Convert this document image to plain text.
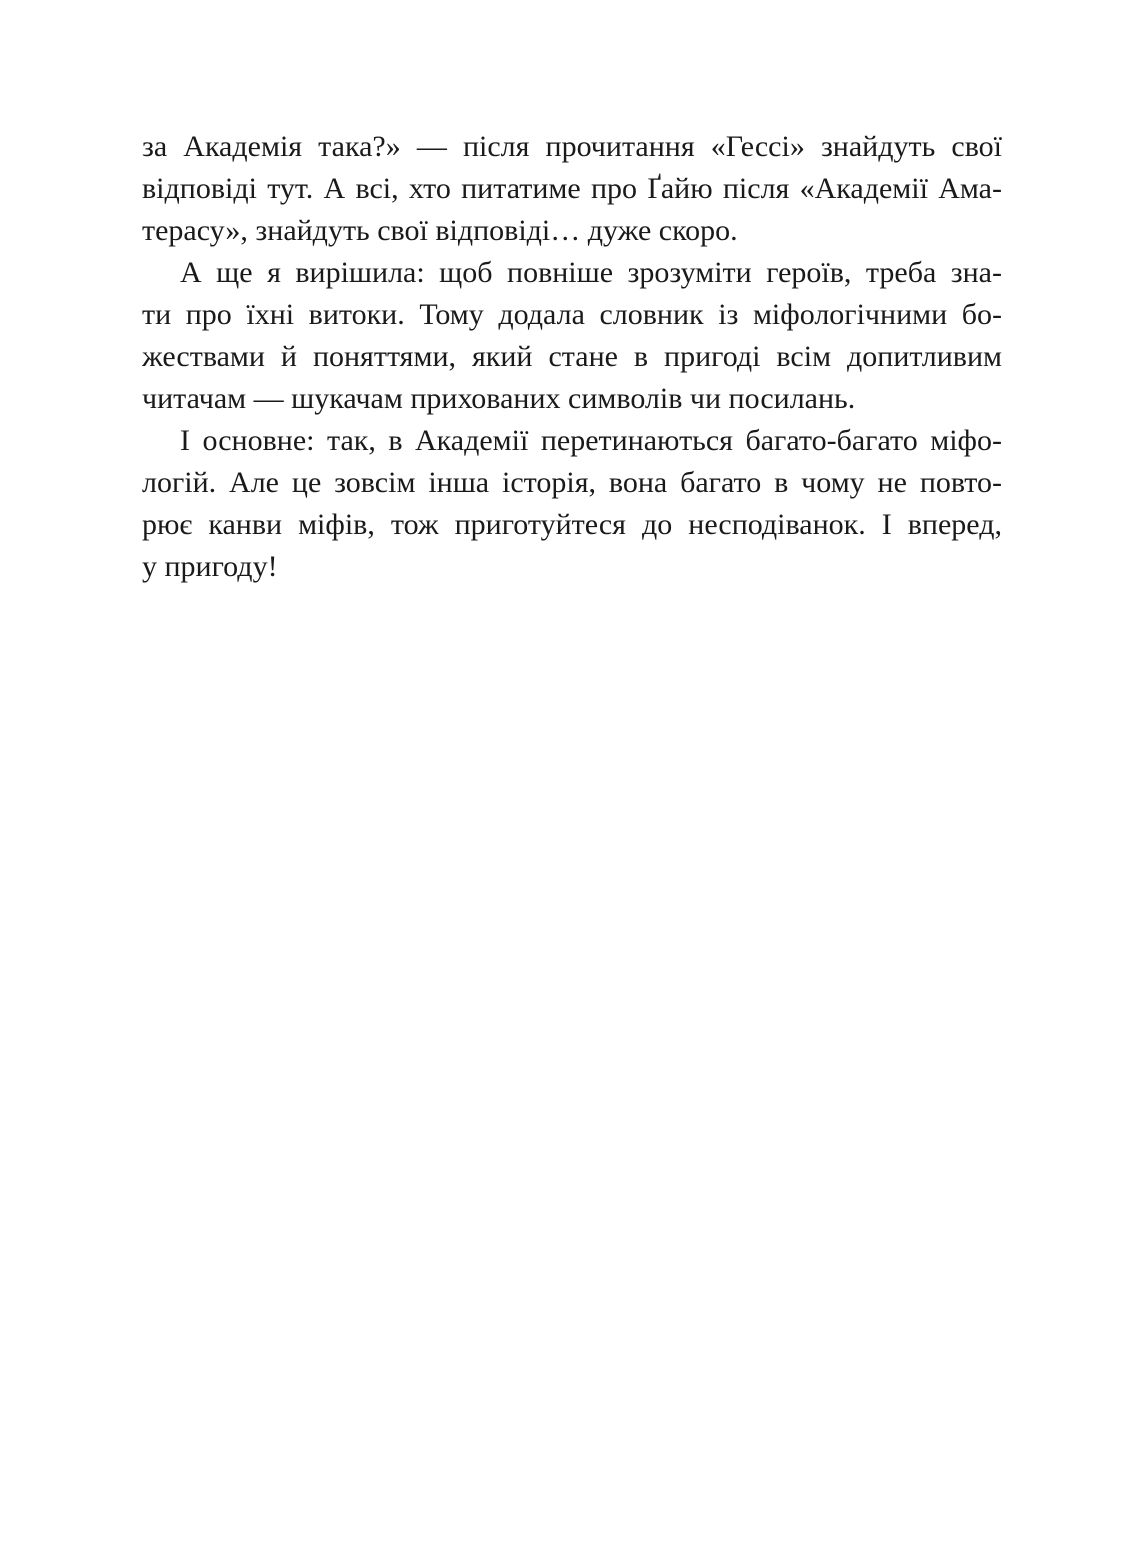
за Академія така?» — після прочитання «Гессі» знайдуть свої
відповіді тут. А всі, хто питатиме про Ґайю після «Академії Ама-
терасу», знайдуть свої відповіді… дуже скоро.
А ще я вирішила: щоб повніше зрозуміти героїв, треба зна-
ти про їхні витоки. Тому додала словник із міфологічними бо-
жествами й поняттями, який стане в пригоді всім допитливим
читачам — шукачам прихованих символів чи посилань.
І основне: так, в Академії перетинаються багато-багато міфо-
логій. Але це зовсім інша історія, вона багато в чому не повто-
рює канви міфів, тож приготуйтеся до несподіванок. І вперед,
у пригоду!
